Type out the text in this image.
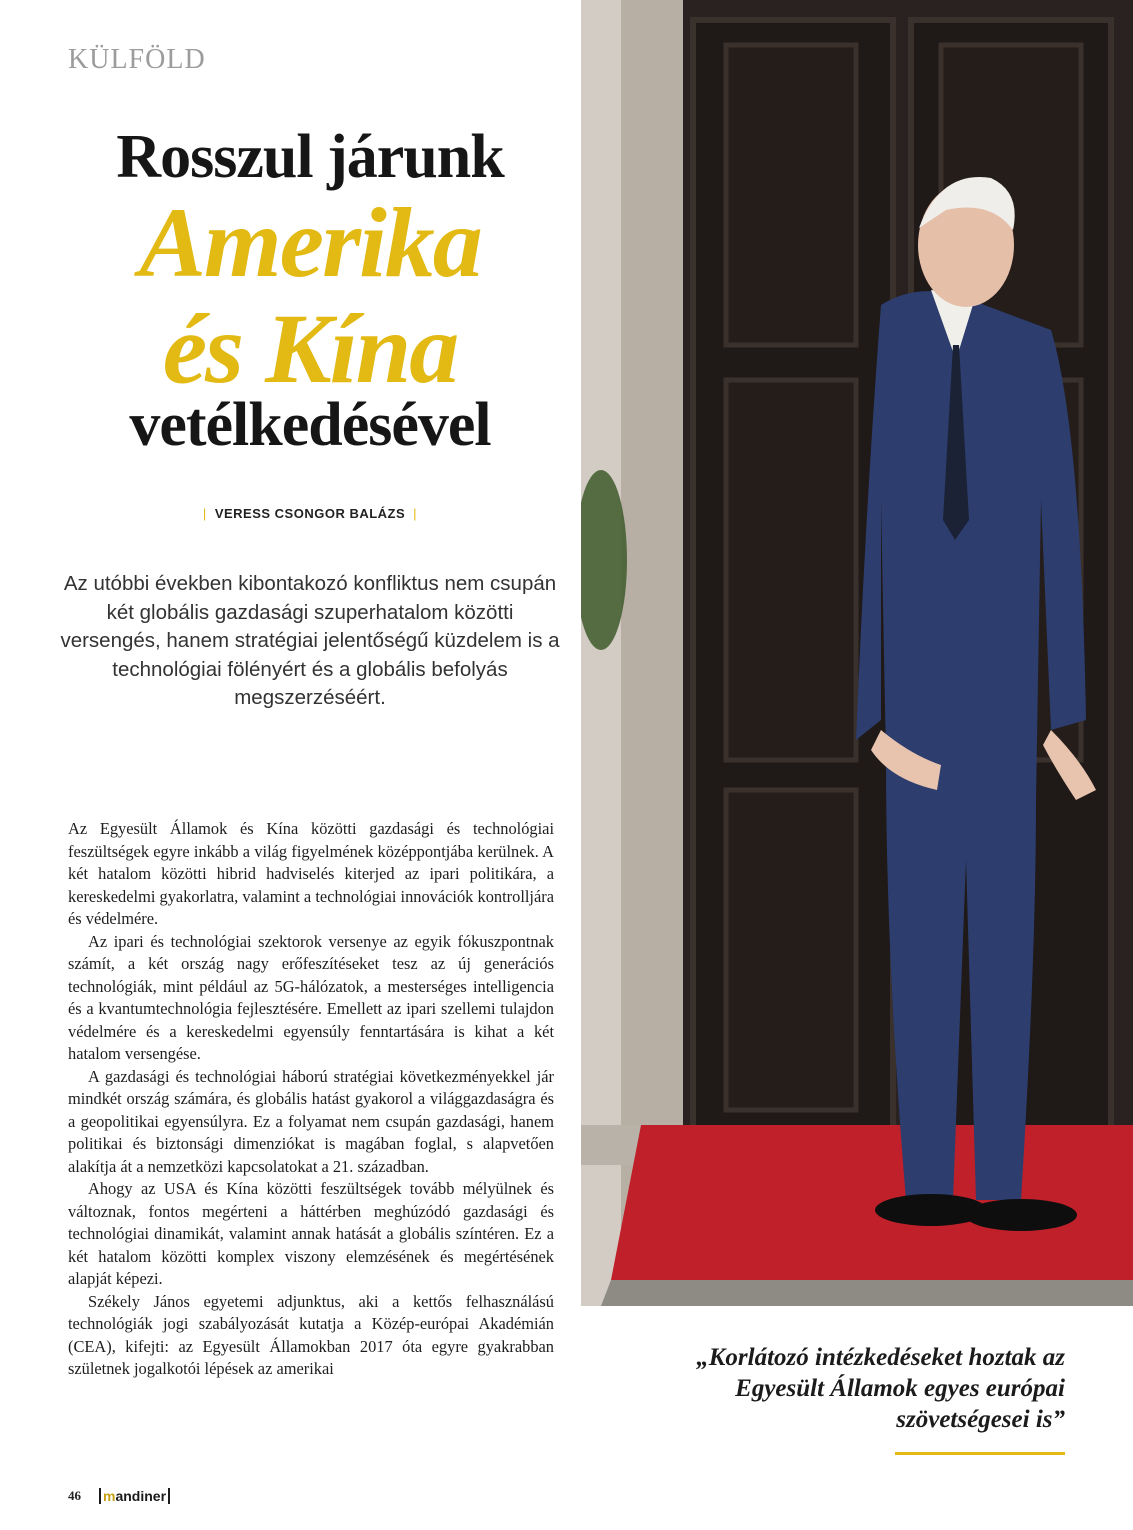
KÜLFÖLD
Rosszul járunk
Amerika
és Kína
vetélkedésével
| VERESS CSONGOR BALÁZS |
Az utóbbi években kibontakozó konfliktus nem csupán két globális gazdasági szuperhatalom közötti versengés, hanem stratégiai jelentőségű küzdelem is a technológiai fölényért és a globális befolyás megszerzéséért.

Az Egyesült Államok és Kína közötti gazdasági és technológiai feszültségek egyre inkább a világ figyelmének középpontjába kerülnek. A két hatalom közötti hibrid hadviselés kiterjed az ipari politikára, a kereskedelmi gyakorlatra, valamint a technológiai innovációk kontrolljára és védelmére.

Az ipari és technológiai szektorok versenye az egyik fókuszpontnak számít, a két ország nagy erőfeszítéseket tesz az új generációs technológiák, mint például az 5G-hálózatok, a mesterséges intelligencia és a kvantumtechnológia fejlesztésére. Emellett az ipari szellemi tulajdon védelmére és a kereskedelmi egyensúly fenntartására is kihat a két hatalom versengése.

A gazdasági és technológiai háború stratégiai következményekkel jár mindkét ország számára, és globális hatást gyakorol a világgazdaságra és a geopolitikai egyensúlyra. Ez a folyamat nem csupán gazdasági, hanem politikai és biztonsági dimenziókat is magában foglal, s alapvetően alakítja át a nemzetközi kapcsolatokat a 21. században.

Ahogy az USA és Kína közötti feszültségek tovább mélyülnek és változnak, fontos megérteni a háttérben meghúzódó gazdasági és technológiai dinamikát, valamint annak hatását a globális színtéren. Ez a két hatalom közötti komplex viszony elemzésének és megértésének alapját képezi.

Székely János egyetemi adjunktus, aki a kettős felhasználású technológiák jogi szabályozását kutatja a Közép-európai Akadémián (CEA), kifejti: az Egyesült Államokban 2017 óta egyre gyakrabban születnek jogalkotói lépések az amerikai	„Korlátozó intézkedéseket hoztak az Egyesült Államok egyes európai szövetségesei is”
46 m andiner
